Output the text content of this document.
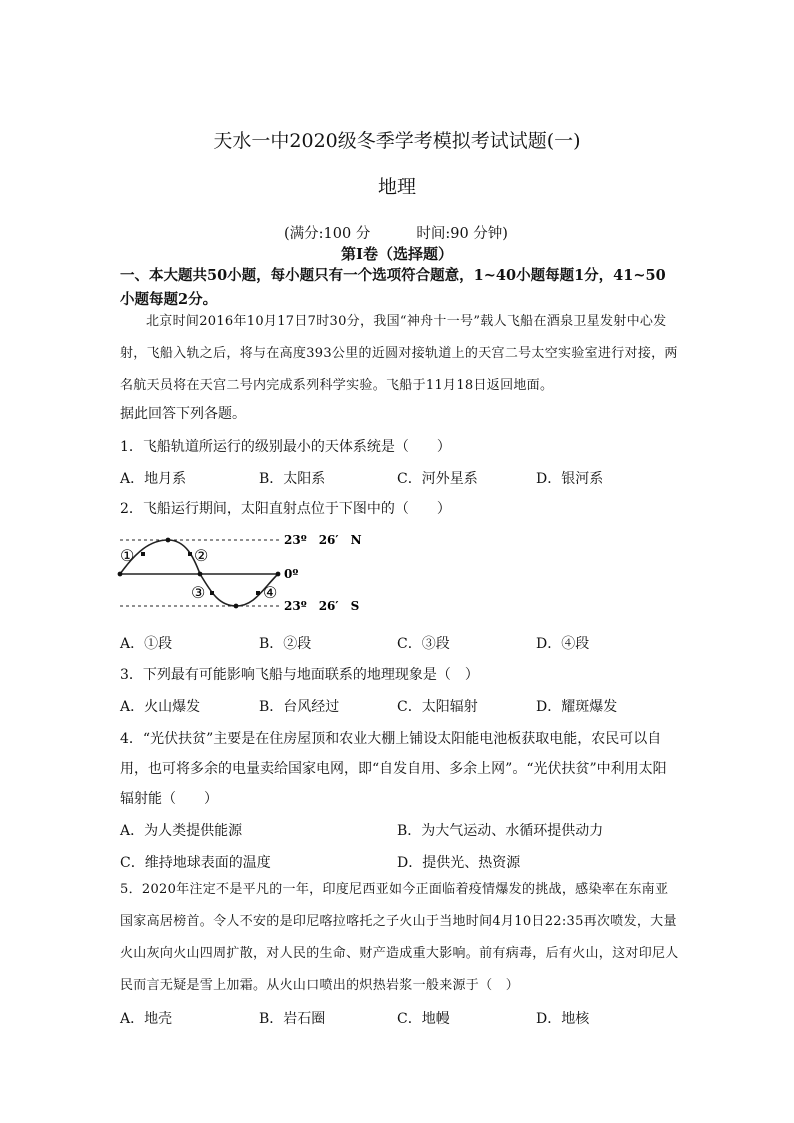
天水一中2020级冬季学考模拟考试试题(一)
地理
(满分:100 分	时间:90 分钟)
第I卷（选择题）
一、本大题共50小题，每小题只有一个选项符合题意，1~40小题每题1分，41~50小题每题2分。
北京时间2016年10月17日7时30分，我国“神舟十一号”载人飞船在酒泉卫星发射中心发射，飞船入轨之后，将与在高度393公里的近圆对接轨道上的天宫二号太空实验室进行对接，两名航天员将在天宫二号内完成系列科学实验。飞船于11月18日返回地面。
据此回答下列各题。
1．飞船轨道所运行的级别最小的天体系统是（　　）
A．地月系	B．太阳系	C．河外星系	D．银河系
2．飞船运行期间，太阳直射点位于下图中的（　　）
①	②
③	④
23º　26′　N
0º
23º　26′　S
A．①段	B．②段	C．③段	D．④段
3．下列最有可能影响飞船与地面联系的地理现象是（　）
A．火山爆发	B．台风经过	C．太阳辐射	D．耀斑爆发
4．“光伏扶贫”主要是在住房屋顶和农业大棚上铺设太阳能电池板获取电能，农民可以自用，也可将多余的电量卖给国家电网，即“自发自用、多余上网”。“光伏扶贫”中利用太阳辐射能（　　）
A．为人类提供能源	B．为大气运动、水循环提供动力
C．维持地球表面的温度	D．提供光、热资源
5．2020年注定不是平凡的一年，印度尼西亚如今正面临着疫情爆发的挑战，感染率在东南亚国家高居榜首。令人不安的是印尼喀拉喀托之子火山于当地时间4月10日22:35再次喷发，大量火山灰向火山四周扩散，对人民的生命、财产造成重大影响。前有病毒，后有火山，这对印尼人民而言无疑是雪上加霜。从火山口喷出的炽热岩浆一般来源于（　）
A．地壳	B．岩石圈	C．地幔	D．地核
